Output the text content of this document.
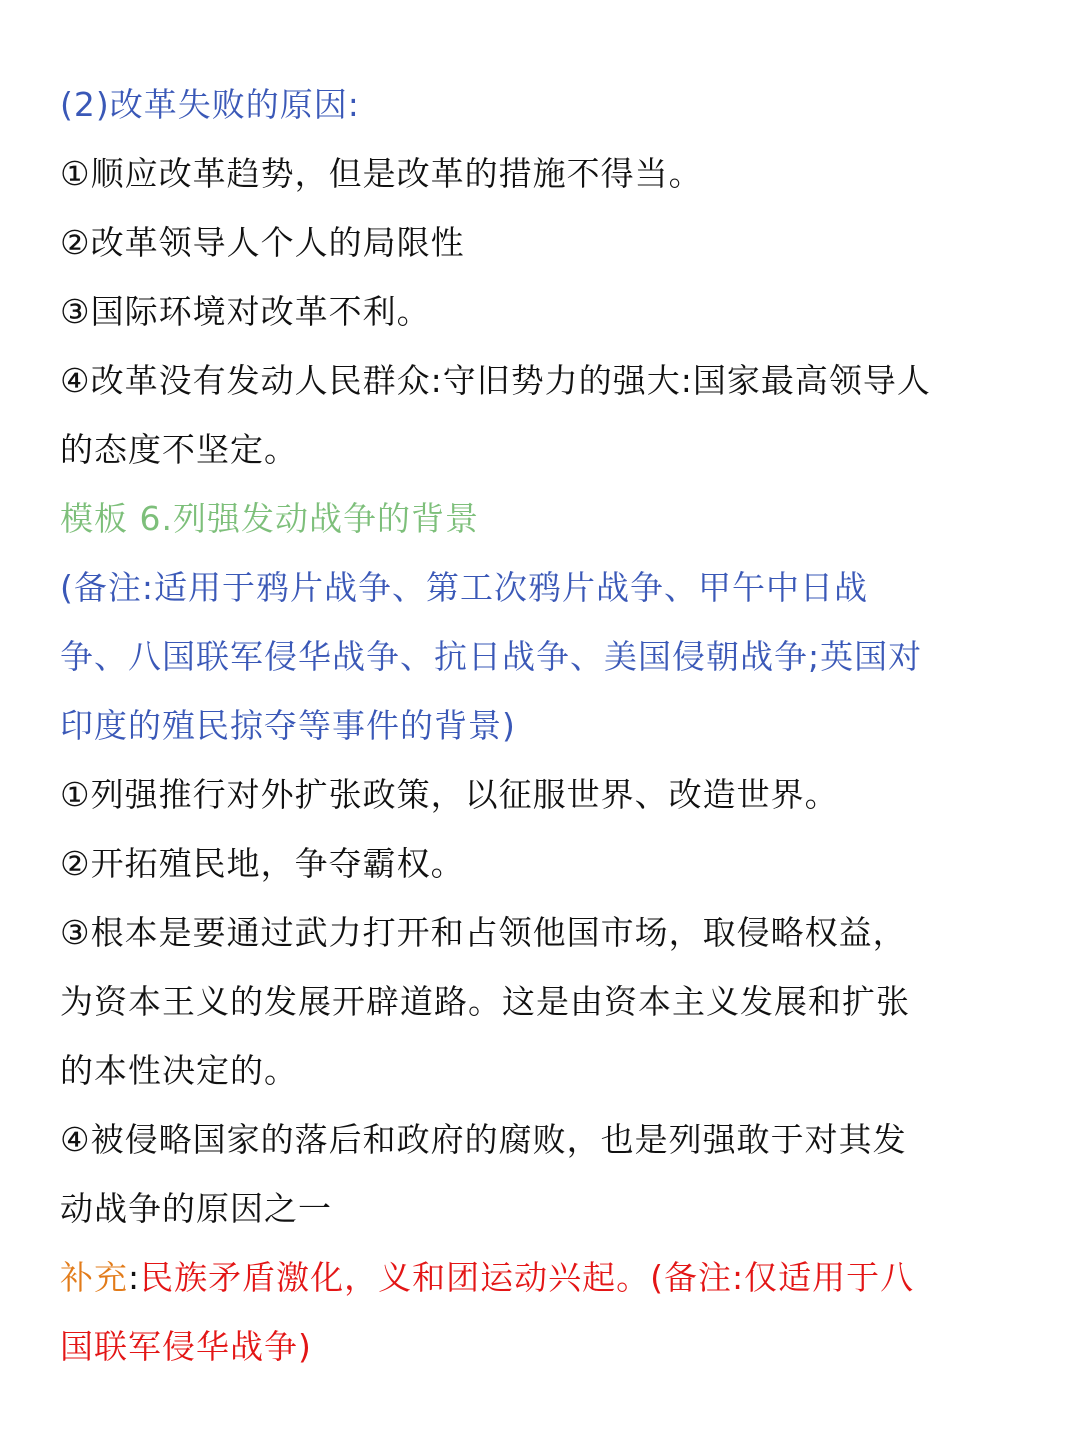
(2)改革失败的原因:
①顺应改革趋势，但是改革的措施不得当。
②改革领导人个人的局限性
③国际环境对改革不利。
④改革没有发动人民群众:守旧势力的强大:国家最高领导人
的态度不坚定。
模板 6.列强发动战争的背景
(备注:适用于鸦片战争、第工次鸦片战争、甲午中日战
争、八国联军侵华战争、抗日战争、美国侵朝战争;英国对
印度的殖民掠夺等事件的背景)
①列强推行对外扩张政策，以征服世界、改造世界。
②开拓殖民地，争夺霸权。
③根本是要通过武力打开和占领他国市场，取侵略权益，
为资本王义的发展开辟道路。这是由资本主义发展和扩张
的本性决定的。
④被侵略国家的落后和政府的腐败，也是列强敢于对其发
动战争的原因之一
补充:民族矛盾激化，义和团运动兴起。(备注:仅适用于八
国联军侵华战争)
